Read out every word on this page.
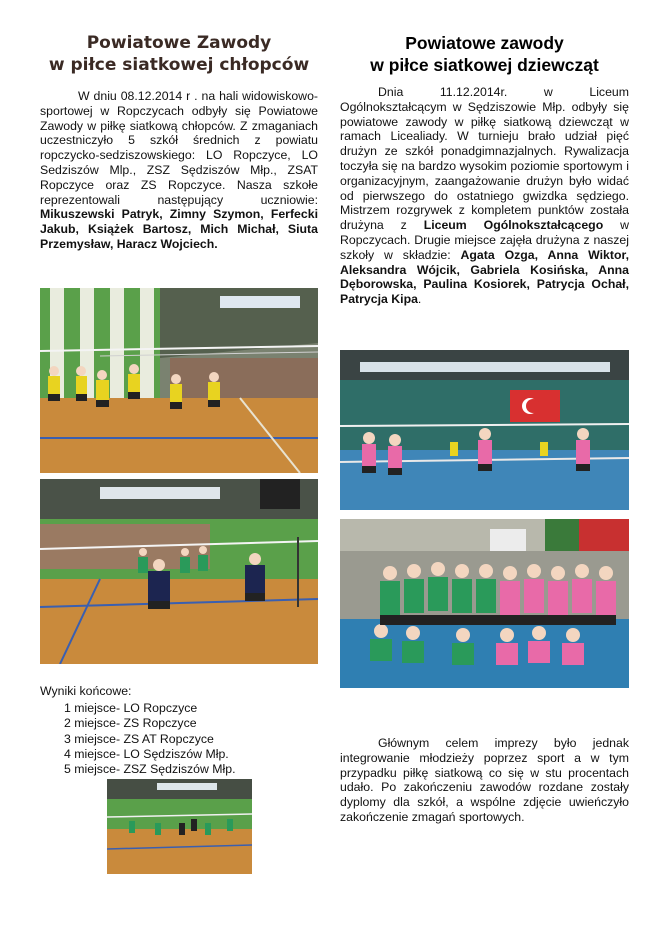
Powiatowe Zawody
w piłce siatkowej chłopców
Powiatowe zawody
w piłce siatkowej dziewcząt

W dniu 08.12.2014 r . na hali widowiskowo-sportowej w Ropczycach odbyły się Powiatowe Zawody w piłkę siatkową chłopców. Z zmaganiach uczestniczyło 5 szkół średnich z powiatu ropczycko-sedziszowskiego: LO Ropczyce, LO Sedziszów Mlp., ZSZ Sędziszów Młp., ZSAT Ropczyce oraz ZS Ropczyce. Nasza szkołe reprezentowali następujący uczniowie: Mikuszewski Patryk, Zimny Szymon, Ferfecki Jakub, Książek Bartosz, Mich Michał, Siuta Przemysław, Haracz Wojciech.

Dnia 11.12.2014r. w Liceum Ogólnokształcącym w Sędziszowie Młp. odbyły się powiatowe zawody w piłkę siatkową dziewcząt w ramach Licealiady. W turnieju brało udział pięć drużyn ze szkół ponadgimnazjalnych. Rywalizacja toczyła się na bardzo wysokim poziomie sportowym i organizacyjnym, zaangażowanie drużyn było widać od pierwszego do ostatniego gwizdka sędziego. Mistrzem rozgrywek z kompletem punktów została drużyna z Liceum Ogólnokształcącego w Ropczycach. Drugie miejsce zajęła drużyna z naszej szkoły w składzie: Agata Ozga, Anna Wiktor, Aleksandra Wójcik, Gabriela Kosińska, Anna Dęborowska, Paulina Kosiorek, Patrycja Ochał, Patrycja Kipa.

Głównym celem imprezy było jednak integrowanie młodzieży poprzez sport a w tym przypadku piłkę siatkową co się w stu procentach udało. Po zakończeniu zawodów rozdane zostały dyplomy dla szkół, a wspólne zdjęcie uwieńczyło zakończenie zmagań sportowych.

Wyniki końcowe:
1 miejsce- LO Ropczyce
2 miejsce- ZS Ropczyce
3 miejsce- ZS AT Ropczyce
4 miejsce- LO Sędziszów Młp.
5 miejsce- ZSZ Sędziszów Młp.
